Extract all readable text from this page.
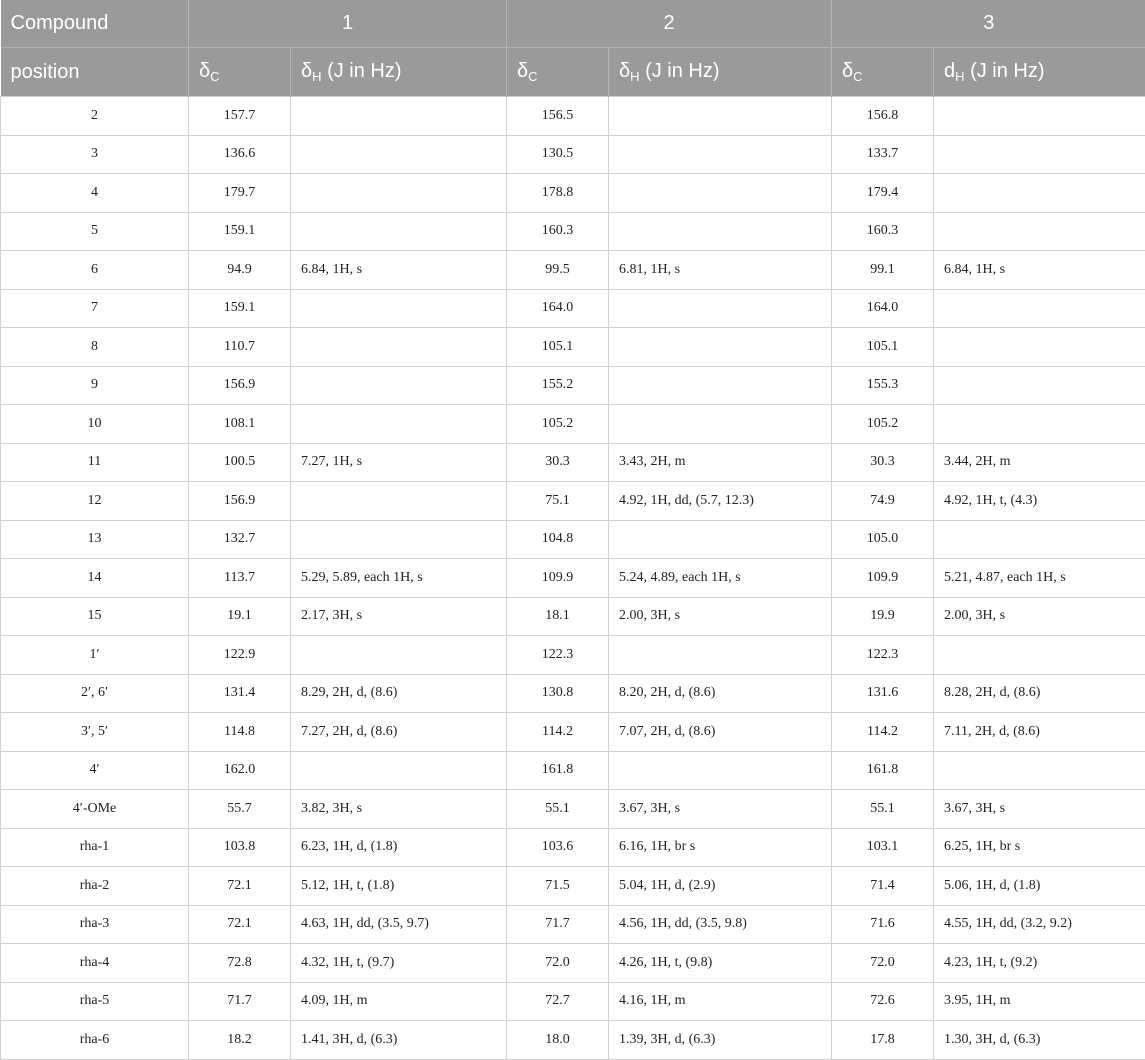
Compound	1		2		3	
position	$\delta_C$	$\delta_H$ (J in Hz)	$\delta_C$	$\delta_H$ (J in Hz)	$\delta_C$	$d_H$ (J in Hz)
2	157.7		156.5		156.8	
3	136.6		130.5		133.7	
4	179.7		178.8		179.4	
5	159.1		160.3		160.3	
6	94.9	6.84, 1H, s	99.5	6.81, 1H, s	99.1	6.84, 1H, s
7	159.1		164.0		164.0	
8	110.7		105.1		105.1	
9	156.9		155.2		155.3	
10	108.1		105.2		105.2	
11	100.5	7.27, 1H, s	30.3	3.43, 2H, m	30.3	3.44, 2H, m
12	156.9		75.1	4.92, 1H, dd, (5.7, 12.3)	74.9	4.92, 1H, t, (4.3)
13	132.7		104.8		105.0	
14	113.7	5.29, 5.89, each 1H, s	109.9	5.24, 4.89, each 1H, s	109.9	5.21, 4.87, each 1H, s
15	19.1	2.17, 3H, s	18.1	2.00, 3H, s	19.9	2.00, 3H, s
1′	122.9		122.3		122.3	
2′, 6′	131.4	8.29, 2H, d, (8.6)	130.8	8.20, 2H, d, (8.6)	131.6	8.28, 2H, d, (8.6)
3′, 5′	114.8	7.27, 2H, d, (8.6)	114.2	7.07, 2H, d, (8.6)	114.2	7.11, 2H, d, (8.6)
4′	162.0		161.8		161.8	
4′-OMe	55.7	3.82, 3H, s	55.1	3.67, 3H, s	55.1	3.67, 3H, s
rha-1	103.8	6.23, 1H, d, (1.8)	103.6	6.16, 1H, br s	103.1	6.25, 1H, br s
rha-2	72.1	5.12, 1H, t, (1.8)	71.5	5.04, 1H, d, (2.9)	71.4	5.06, 1H, d, (1.8)
rha-3	72.1	4.63, 1H, dd, (3.5, 9.7)	71.7	4.56, 1H, dd, (3.5, 9.8)	71.6	4.55, 1H, dd, (3.2, 9.2)
rha-4	72.8	4.32, 1H, t, (9.7)	72.0	4.26, 1H, t, (9.8)	72.0	4.23, 1H, t, (9.2)
rha-5	71.7	4.09, 1H, m	72.7	4.16, 1H, m	72.6	3.95, 1H, m
rha-6	18.2	1.41, 3H, d, (6.3)	18.0	1.39, 3H, d, (6.3)	17.8	1.30, 3H, d, (6.3)
